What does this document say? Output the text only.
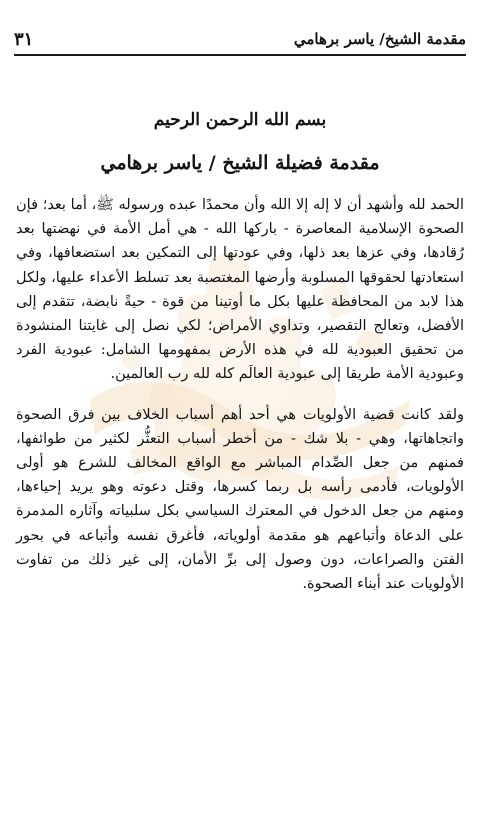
مقدمة الشيخ/ ياسر برهامي
٣١
بسم الله الرحمن الرحيم
مقدمة فضيلة الشيخ / ياسر برهامي

الحمد لله وأشهد أن لا إله إلا الله وأن محمدًا عبده ورسوله ﷺ، أما بعد؛ فإن الصحوة الإسلامية المعاصرة - باركها الله - هي أمل الأمة في نهضتها بعد رُقادها، وفي عزها بعد ذلها، وفي عودتها إلى التمكين بعد استضعافها، وفي استعادتها لحقوقها المسلوبة وأرضها المغتصبة بعد تسلط الأعداء عليها، ولكل هذا لابد من المحافظة عليها بكل ما أوتينا من قوة - حيةً نابضة، تتقدم إلى الأفضل، وتعالج التقصير، وتداوي الأمراض؛ لكي نصل إلى غايتنا المنشودة من تحقيق العبودية لله في هذه الأرض بمفهومها الشامل: عبودية الفرد وعبودية الأمة طريقا إلى عبودية العالَم كله لله رب العالمين.

ولقد كانت قضية الأولويات هي أحد أهم أسباب الخلاف بين فرق الصحوة واتجاهاتها، وهي - بلا شك - من أخطر أسباب التعثُّر لكثير من طوائفها، فمنهم من جعل الصِّدام المباشر مع الواقع المخالف للشرع هو أولى الأولويات، فأدمى رأسه بل ربما كسرها، وقتل دعوته وهو يريد إحياءها، ومنهم من جعل الدخول في المعترك السياسي بكل سلبياته وآثاره المدمرة على الدعاة وأتباعهم هو مقدمة أولوياته، فأغرق نفسه وأتباعه في بحور الفتن والصراعات، دون وصول إلى برِّ الأمان، إلى غير ذلك من تفاوت الأولويات عند أبناء الصحوة.
